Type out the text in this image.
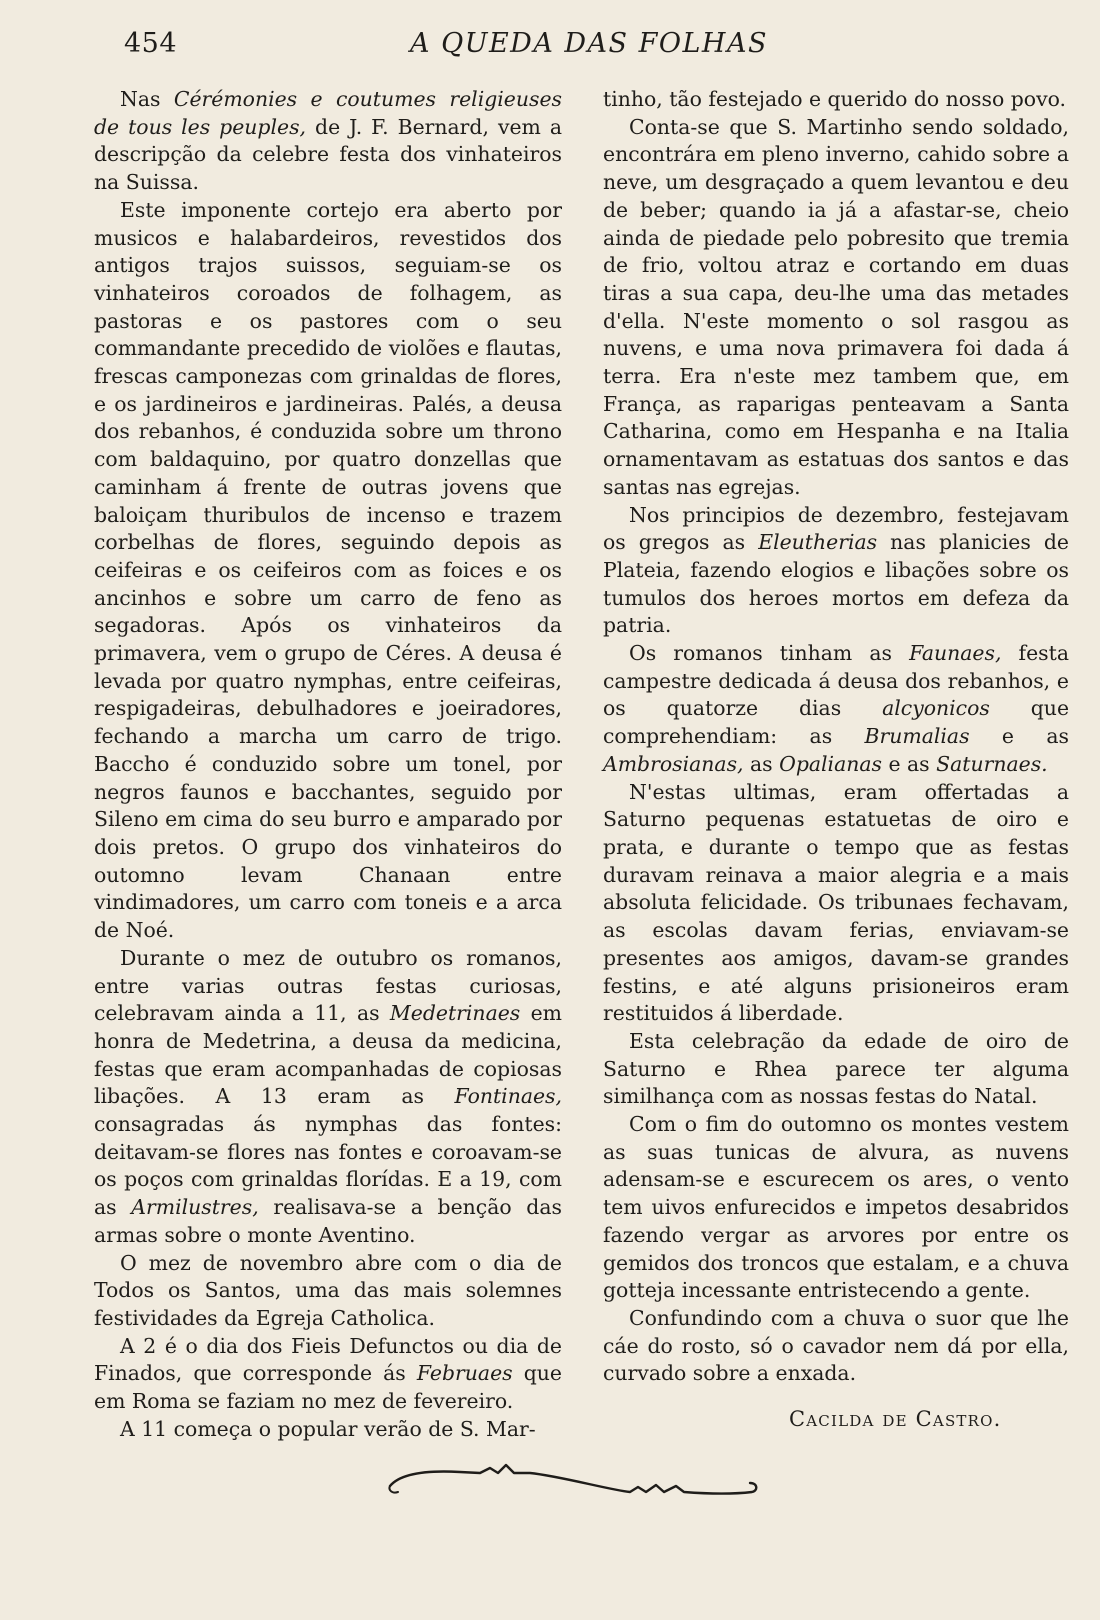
454	A QUEDA DAS FOLHAS

Nas Cérémonies e coutumes religieuses de tous les peuples, de J. F. Bernard, vem a descripção da celebre festa dos vinhateiros na Suissa.

Este imponente cortejo era aberto por musicos e halabardeiros, revestidos dos antigos trajos suissos, seguiam-se os vinhateiros coroados de folhagem, as pastoras e os pastores com o seu commandante precedido de violões e flautas, frescas camponezas com grinaldas de flores, e os jardineiros e jardineiras. Palés, a deusa dos rebanhos, é conduzida sobre um throno com baldaquino, por quatro donzellas que caminham á frente de outras jovens que baloiçam thuribulos de incenso e trazem corbelhas de flores, seguindo depois as ceifeiras e os ceifeiros com as foices e os ancinhos e sobre um carro de feno as segadoras. Após os vinhateiros da primavera, vem o grupo de Céres. A deusa é levada por quatro nymphas, entre ceifeiras, respigadeiras, debulhadores e joeiradores, fechando a marcha um carro de trigo. Baccho é conduzido sobre um tonel, por negros faunos e bacchantes, seguido por Sileno em cima do seu burro e amparado por dois pretos. O grupo dos vinhateiros do outomno levam Chanaan entre vindimadores, um carro com toneis e a arca de Noé.

Durante o mez de outubro os romanos, entre varias outras festas curiosas, celebravam ainda a 11, as Medetrinaes em honra de Medetrina, a deusa da medicina, festas que eram acompanhadas de copiosas libações. A 13 eram as Fontinaes, consagradas ás nymphas das fontes: deitavam-se flores nas fontes e coroavam-se os poços com grinaldas florídas. E a 19, com as Armilustres, realisava-se a benção das armas sobre o monte Aventino.

O mez de novembro abre com o dia de Todos os Santos, uma das mais solemnes festividades da Egreja Catholica.

A 2 é o dia dos Fieis Defunctos ou dia de Finados, que corresponde ás Februaes que em Roma se faziam no mez de fevereiro.

A 11 começa o popular verão de S. Mar-

tinho, tão festejado e querido do nosso povo.

Conta-se que S. Martinho sendo soldado, encontrára em pleno inverno, cahido sobre a neve, um desgraçado a quem levantou e deu de beber; quando ia já a afastar-se, cheio ainda de piedade pelo pobresito que tremia de frio, voltou atraz e cortando em duas tiras a sua capa, deu-lhe uma das metades d'ella. N'este momento o sol rasgou as nuvens, e uma nova primavera foi dada á terra. Era n'este mez tambem que, em França, as raparigas penteavam a Santa Catharina, como em Hespanha e na Italia ornamentavam as estatuas dos santos e das santas nas egrejas.

Nos principios de dezembro, festejavam os gregos as Eleutherias nas planicies de Plateia, fazendo elogios e libações sobre os tumulos dos heroes mortos em defeza da patria.

Os romanos tinham as Faunaes, festa campestre dedicada á deusa dos rebanhos, e os quatorze dias alcyonicos que comprehendiam: as Brumalias e as Ambrosianas, as Opalianas e as Saturnaes.

N'estas ultimas, eram offertadas a Saturno pequenas estatuetas de oiro e prata, e durante o tempo que as festas duravam reinava a maior alegria e a mais absoluta felicidade. Os tribunaes fechavam, as escolas davam ferias, enviavam-se presentes aos amigos, davam-se grandes festins, e até alguns prisioneiros eram restituidos á liberdade.

Esta celebração da edade de oiro de Saturno e Rhea parece ter alguma similhança com as nossas festas do Natal.

Com o fim do outomno os montes vestem as suas tunicas de alvura, as nuvens adensam-se e escurecem os ares, o vento tem uivos enfurecidos e impetos desabridos fazendo vergar as arvores por entre os gemidos dos troncos que estalam, e a chuva gotteja incessante entristecendo a gente.

Confundindo com a chuva o suor que lhe cáe do rosto, só o cavador nem dá por ella, curvado sobre a enxada.

Cacilda de Castro.
